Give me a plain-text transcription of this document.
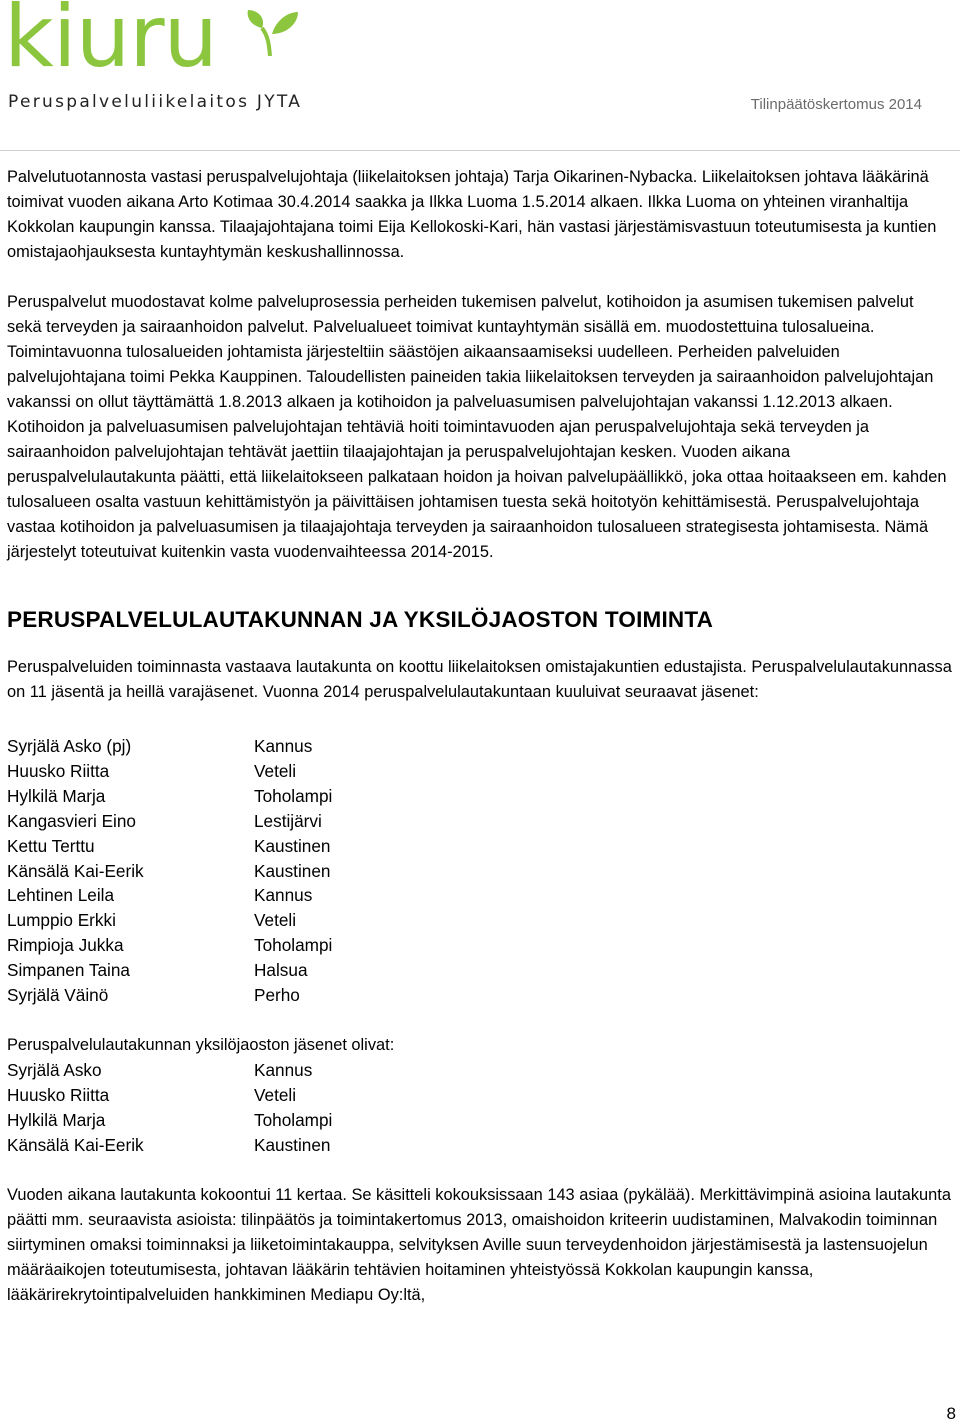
kiuru
Peruspalveluliikelaitos JYTA	Tilinpäätöskertomus 2014

Palvelutuotannosta vastasi peruspalvelujohtaja (liikelaitoksen johtaja) Tarja Oikarinen-Nybacka. Liikelaitoksen johtava lääkärinä toimivat vuoden aikana Arto Kotimaa 30.4.2014 saakka ja Ilkka Luoma 1.5.2014 alkaen. Ilkka Luoma on yhteinen viranhaltija Kokkolan kaupungin kanssa. Tilaajajohtajana toimi Eija Kellokoski-Kari, hän vastasi järjestämisvastuun toteutumisesta ja kuntien omistajaohjauksesta kuntayhtymän keskushallinnossa.

Peruspalvelut muodostavat kolme palveluprosessia perheiden tukemisen palvelut, kotihoidon ja asumisen tukemisen palvelut sekä terveyden ja sairaanhoidon palvelut. Palvelualueet toimivat kuntayhtymän sisällä em. muodostettuina tulosalueina. Toimintavuonna tulosalueiden johtamista järjesteltiin säästöjen aikaansaamiseksi uudelleen. Perheiden palveluiden palvelujohtajana toimi Pekka Kauppinen. Taloudellisten paineiden takia liikelaitoksen terveyden ja sairaanhoidon palvelujohtajan vakanssi on ollut täyttämättä 1.8.2013 alkaen ja kotihoidon ja palveluasumisen palvelujohtajan vakanssi 1.12.2013 alkaen. Kotihoidon ja palveluasumisen palvelujohtajan tehtäviä hoiti toimintavuoden ajan peruspalvelujohtaja sekä terveyden ja sairaanhoidon palvelujohtajan tehtävät jaettiin tilaajajohtajan ja peruspalvelujohtajan kesken. Vuoden aikana peruspalvelulautakunta päätti, että liikelaitokseen palkataan hoidon ja hoivan palvelupäällikkö, joka ottaa hoitaakseen em. kahden tulosalueen osalta vastuun kehittämistyön ja päivittäisen johtamisen tuesta sekä hoitotyön kehittämisestä. Peruspalvelujohtaja vastaa kotihoidon ja palveluasumisen ja tilaajajohtaja terveyden ja sairaanhoidon tulosalueen strategisesta johtamisesta. Nämä järjestelyt toteutuivat kuitenkin vasta vuodenvaihteessa 2014-2015.

PERUSPALVELULAUTAKUNNAN JA YKSILÖJAOSTON TOIMINTA

Peruspalveluiden toiminnasta vastaava lautakunta on koottu liikelaitoksen omistajakuntien edustajista. Peruspalvelulautakunnassa on 11 jäsentä ja heillä varajäsenet. Vuonna 2014 peruspalvelulautakuntaan kuuluivat seuraavat jäsenet:

Syrjälä Asko (pj)	Kannus
Huusko Riitta	Veteli
Hylkilä Marja	Toholampi
Kangasvieri Eino	Lestijärvi
Kettu Terttu	Kaustinen
Känsälä Kai-Eerik	Kaustinen
Lehtinen Leila	Kannus
Lumppio Erkki	Veteli
Rimpioja Jukka	Toholampi
Simpanen Taina	Halsua
Syrjälä Väinö	Perho
Peruspalvelulautakunnan yksilöjaoston jäsenet olivat:
Syrjälä Asko	Kannus
Huusko Riitta	Veteli
Hylkilä Marja	Toholampi
Känsälä Kai-Eerik	Kaustinen

Vuoden aikana lautakunta kokoontui 11 kertaa. Se käsitteli kokouksissaan 143 asiaa (pykälää). Merkittävimpinä asioina lautakunta päätti mm. seuraavista asioista: tilinpäätös ja toimintakertomus 2013, omaishoidon kriteerin uudistaminen, Malvakodin toiminnan siirtyminen omaksi toiminnaksi ja liiketoimintakauppa, selvityksen Aville suun terveydenhoidon järjestämisestä ja lastensuojelun määräaikojen toteutumisesta, johtavan lääkärin tehtävien hoitaminen yhteistyössä Kokkolan kaupungin kanssa, lääkärirekrytointipalveluiden hankkiminen Mediapu Oy:ltä,

8
